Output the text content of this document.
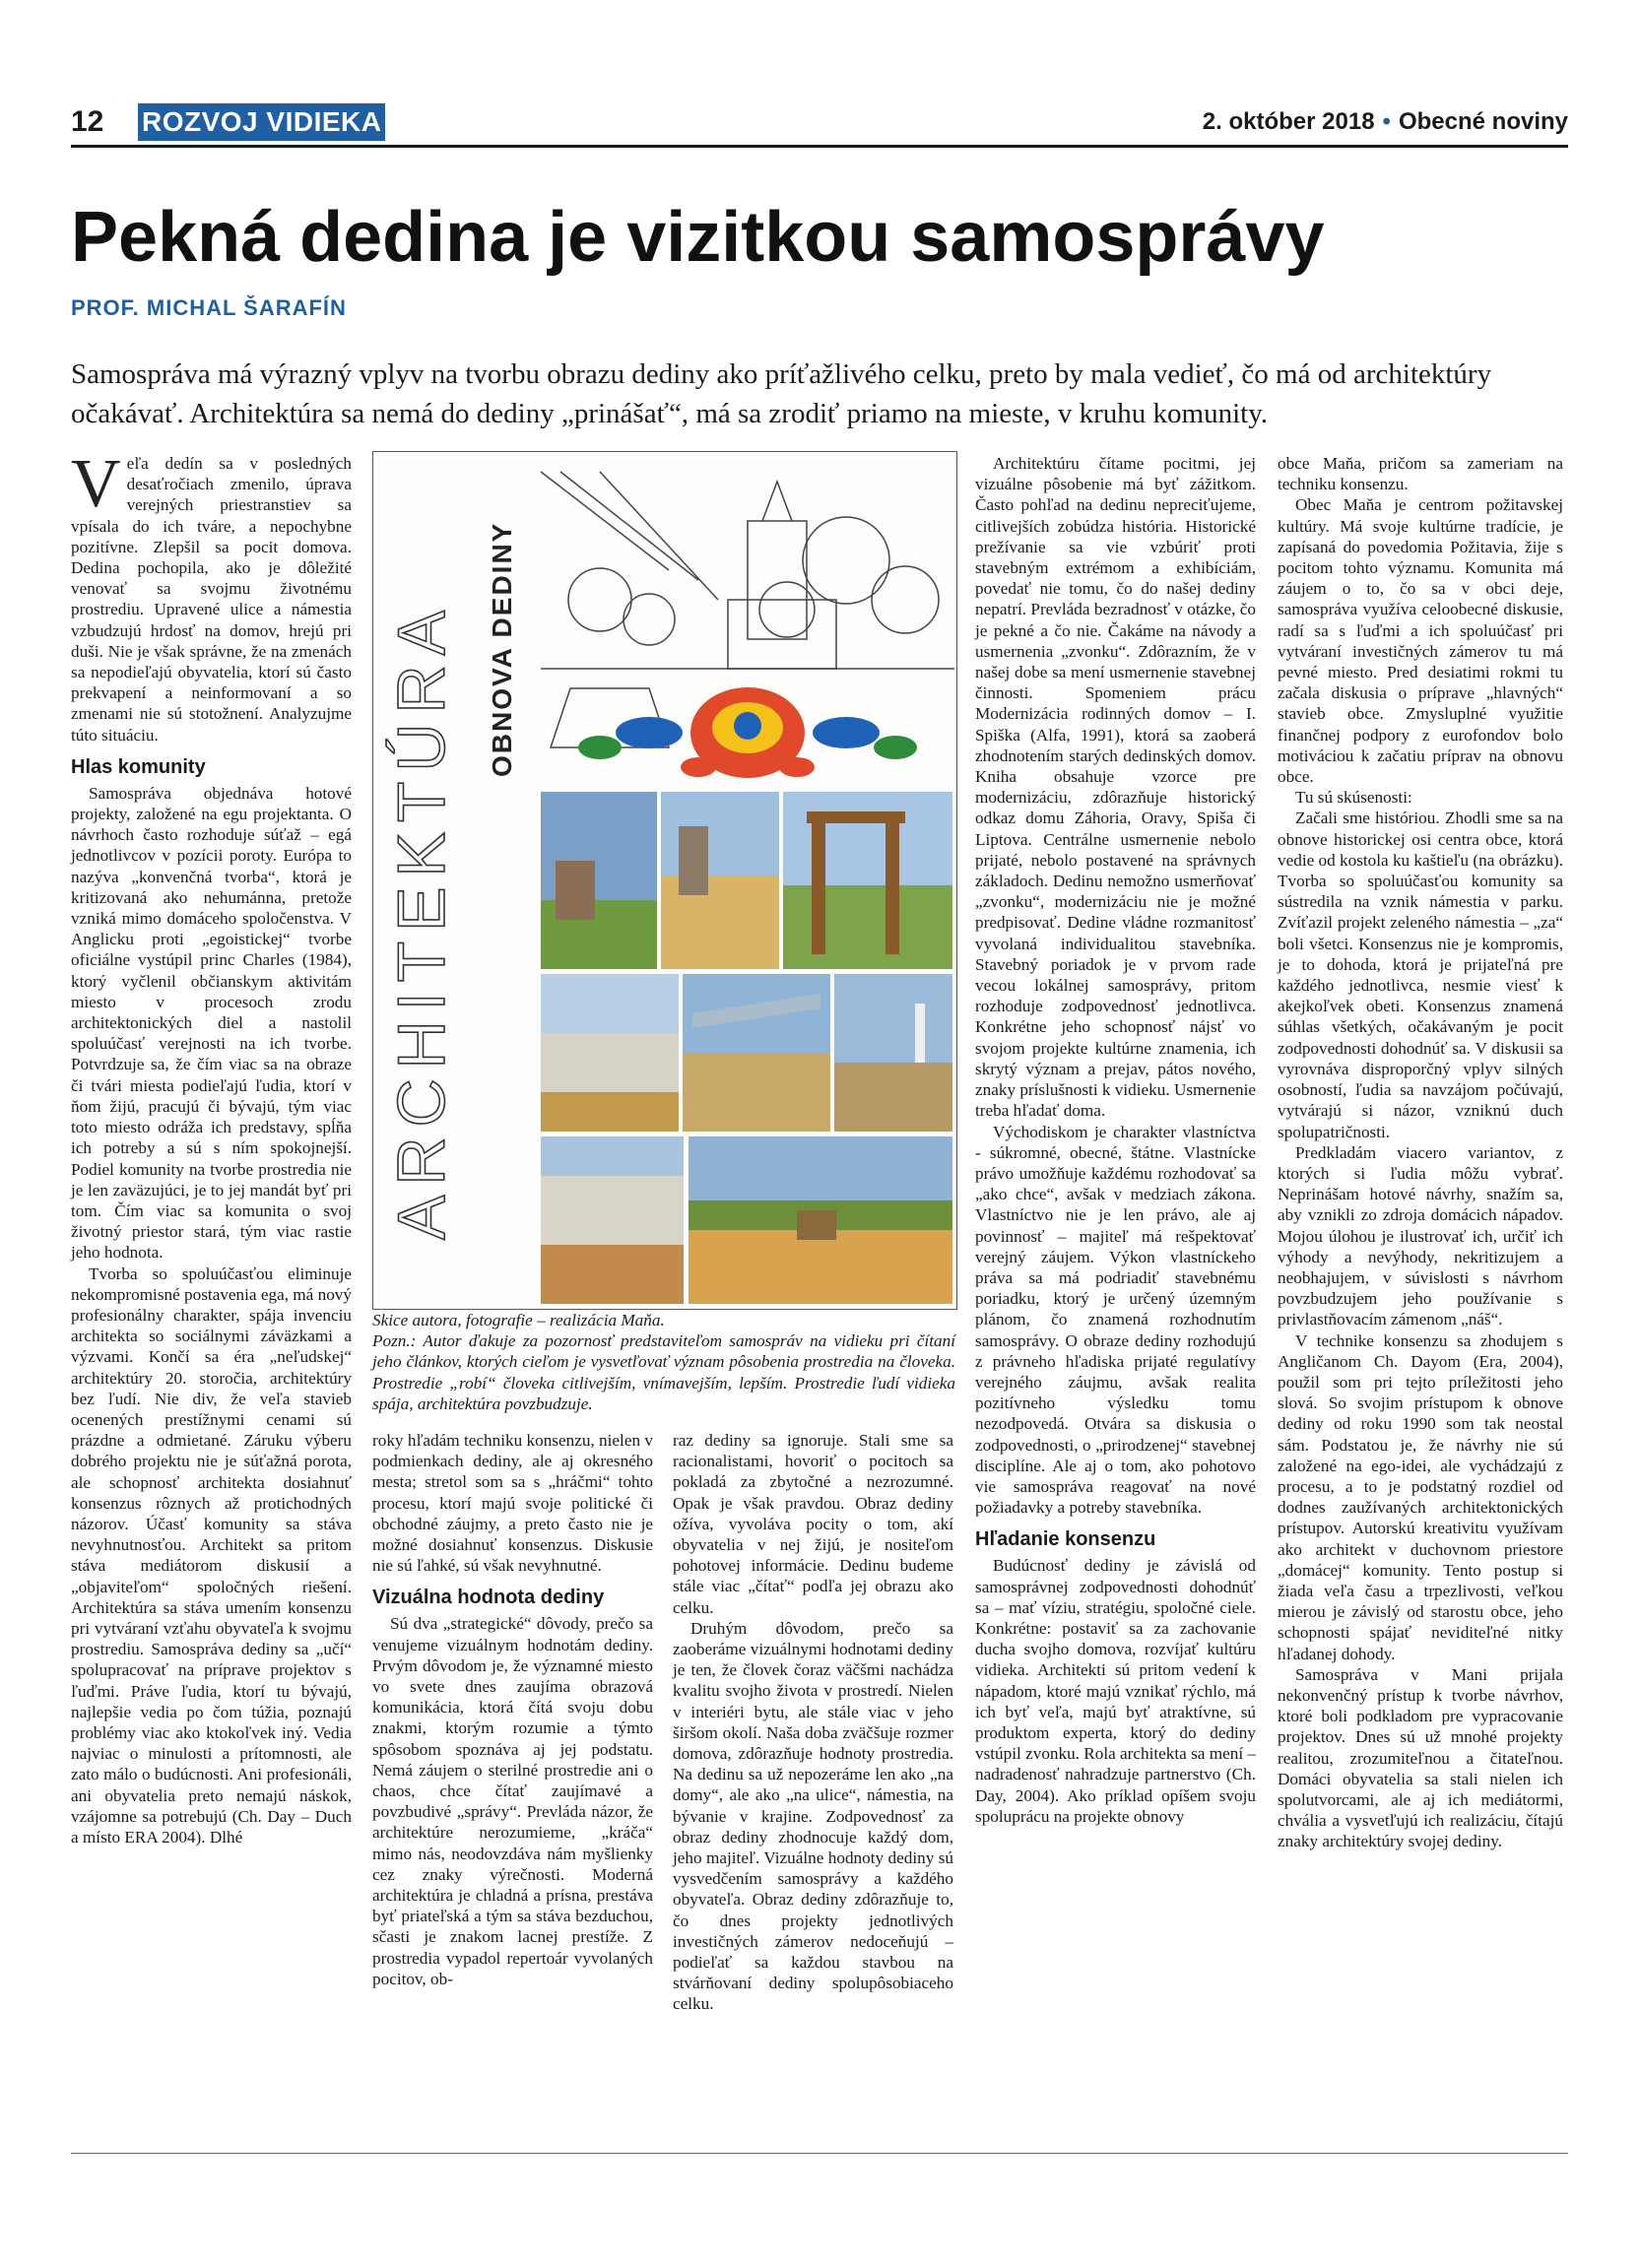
12 ROZVOJ VIDIEKA	2. október 2018 • Obecné noviny
Pekná dedina je vizitkou samosprávy
PROF. MICHAL ŠARAFÍN

Samospráva má výrazný vplyv na tvorbu obrazu dediny ako príťažlivého celku, preto by mala vedieť, čo má od architektúry očakávať. Architektúra sa nemá do dediny „prinášať“, má sa zrodiť priamo na mieste, v kruhu komunity.

Veľa dedín sa v posledných desaťročiach zmenilo, úprava verejných priestranstiev sa vpísala do ich tváre, a nepochybne pozitívne. Zlepšil sa pocit domova. Dedina pochopila, ako je dôležité venovať sa svojmu životnému prostrediu. Upravené ulice a námestia vzbudzujú hrdosť na domov, hrejú pri duši. Nie je však správne, že na zmenách sa nepodieľajú obyvatelia, ktorí sú často prekvapení a neinformovaní a so zmenami nie sú stotožnení. Analyzujme túto situáciu.

Hlas komunity

Samospráva objednáva hotové projekty, založené na egu projektanta. O návrhoch často rozhoduje súťaž – egá jednotlivcov v pozícii poroty. Európa to nazýva „konvenčná tvorba“, ktorá je kritizovaná ako nehumánna, pretože vzniká mimo domáceho spoločenstva. V Anglicku proti „egoistickej“ tvorbe oficiálne vystúpil princ Charles (1984), ktorý vyčlenil občianskym aktivitám miesto v procesoch zrodu architektonických diel a nastolil spoluúčasť verejnosti na ich tvorbe. Potvrdzuje sa, že čím viac sa na obraze či tvári miesta podieľajú ľudia, ktorí v ňom žijú, pracujú či bývajú, tým viac toto miesto odráža ich predstavy, spĺňa ich potreby a sú s ním spokojnejší. Podiel komunity na tvorbe prostredia nie je len zaväzujúci, je to jej mandát byť pri tom. Čím viac sa komunita o svoj životný priestor stará, tým viac rastie jeho hodnota.

Tvorba so spoluúčasťou eliminuje nekompromisné postavenia ega, má nový profesionálny charakter, spája invenciu architekta so sociálnymi záväzkami a výzvami. Končí sa éra „neľudskej“ architektúry 20. storočia, architektúry bez ľudí. Nie div, že veľa stavieb ocenených prestížnymi cenami sú prázdne a odmietané. Záruku výberu dobrého projektu nie je súťažná porota, ale schopnosť architekta dosiahnuť konsenzus rôznych až protichodných názorov. Účasť komunity sa stáva nevyhnutnosťou. Architekt sa pritom stáva mediátorom diskusií a „objaviteľom“ spoločných riešení. Architektúra sa stáva umením konsenzu pri vytváraní vzťahu obyvateľa k svojmu prostrediu. Samospráva dediny sa „učí“ spolupracovať na príprave projektov s ľuďmi. Práve ľudia, ktorí tu bývajú, najlepšie vedia po čom túžia, poznajú problémy viac ako ktokoľvek iný. Vedia najviac o minulosti a prítomnosti, ale zato málo o budúcnosti. Ani profesionáli, ani obyvatelia preto nemajú náskok, vzájomne sa potrebujú (Ch. Day – Duch a místo ERA 2004). Dlhé

ARCHITEKTÚRA OBNOVA DEDINY
Skice autora, fotografie – realizácia Maňa.
Pozn.: Autor ďakuje za pozornosť predstaviteľom samospráv na vidieku pri čítaní jeho článkov, ktorých cieľom je vysvetľovať význam pôsobenia prostredia na človeka. Prostredie „robí“ človeka citlivejším, vnímavejším, lepším. Prostredie ľudí vidieka spája, architektúra povzbudzuje.

roky hľadám techniku konsenzu, nielen v podmienkach dediny, ale aj okresného mesta; stretol som sa s „hráčmi“ tohto procesu, ktorí majú svoje politické či obchodné záujmy, a preto často nie je možné dosiahnuť konsenzus. Diskusie nie sú ľahké, sú však nevyhnutné.

Vizuálna hodnota dediny

Sú dva „strategické“ dôvody, prečo sa venujeme vizuálnym hodnotám dediny. Prvým dôvodom je, že významné miesto vo svete dnes zaujíma obrazová komunikácia, ktorá čítá svoju dobu znakmi, ktorým rozumie a týmto spôsobom spoznáva aj jej podstatu. Nemá záujem o sterilné prostredie ani o chaos, chce čítať zaujímavé a povzbudivé „správy“. Prevláda názor, že architektúre nerozumieme, „kráča“ mimo nás, neodovzdáva nám myšlienky cez znaky výrečnosti. Moderná architektúra je chladná a prísna, prestáva byť priateľská a tým sa stáva bezduchou, sčasti je znakom lacnej prestíže. Z prostredia vypadol repertoár vyvolaných pocitov, ob-

raz dediny sa ignoruje. Stali sme sa racionalistami, hovoriť o pocitoch sa pokladá za zbytočné a nezrozumné. Opak je však pravdou. Obraz dediny ožíva, vyvoláva pocity o tom, akí obyvatelia v nej žijú, je nositeľom pohotovej informácie. Dedinu budeme stále viac „čítať“ podľa jej obrazu ako celku.

Druhým dôvodom, prečo sa zaoberáme vizuálnymi hodnotami dediny je ten, že človek čoraz väčšmi nachádza kvalitu svojho života v prostredí. Nielen v interiéri bytu, ale stále viac v jeho širšom okolí. Naša doba zväčšuje rozmer domova, zdôrazňuje hodnoty prostredia. Na dedinu sa už nepozeráme len ako „na domy“, ale ako „na ulice“, námestia, na bývanie v krajine. Zodpovednosť za obraz dediny zhodnocuje každý dom, jeho majiteľ. Vizuálne hodnoty dediny sú vysvedčením samosprávy a každého obyvateľa. Obraz dediny zdôrazňuje to, čo dnes projekty jednotlivých investičných zámerov nedoceňujú – podieľať sa každou stavbou na stvárňovaní dediny spolupôsobiaceho celku.

Architektúru čítame pocitmi, jej vizuálne pôsobenie má byť zážitkom. Často pohľad na dedinu nepreciťujeme, citlivejších zobúdza história. Historické prežívanie sa vie vzbúriť proti stavebným extrémom a exhibíciám, povedať nie tomu, čo do našej dediny nepatrí. Prevláda bezradnosť v otázke, čo je pekné a čo nie. Čakáme na návody a usmernenia „zvonku“. Zdôrazním, že v našej dobe sa mení usmernenie stavebnej činnosti. Spomeniem prácu Modernizácia rodinných domov – I. Spiška (Alfa, 1991), ktorá sa zaoberá zhodnotením starých dedinských domov. Kniha obsahuje vzorce pre modernizáciu, zdôrazňuje historický odkaz domu Záhoria, Oravy, Spiša či Liptova. Centrálne usmernenie nebolo prijaté, nebolo postavené na správnych základoch. Dedinu nemožno usmerňovať „zvonku“, modernizáciu nie je možné predpisovať. Dedine vládne rozmanitosť vyvolaná individualitou stavebníka. Stavebný poriadok je v prvom rade vecou lokálnej samosprávy, pritom rozhoduje zodpovednosť jednotlivca. Konkrétne jeho schopnosť nájsť vo svojom projekte kultúrne znamenia, ich skrytý význam a prejav, pátos nového, znaky príslušnosti k vidieku. Usmernenie treba hľadať doma.

Východiskom je charakter vlastníctva - súkromné, obecné, štátne. Vlastnícke právo umožňuje každému rozhodovať sa „ako chce“, avšak v medziach zákona. Vlastníctvo nie je len právo, ale aj povinnosť – majiteľ má rešpektovať verejný záujem. Výkon vlastníckeho práva sa má podriadiť stavebnému poriadku, ktorý je určený územným plánom, čo znamená rozhodnutím samosprávy. O obraze dediny rozhodujú z právneho hľadiska prijaté regulatívy verejného záujmu, avšak realita pozitívneho výsledku tomu nezodpovedá. Otvára sa diskusia o zodpovednosti, o „prirodzenej“ stavebnej disciplíne. Ale aj o tom, ako pohotovo vie samospráva reagovať na nové požiadavky a potreby stavebníka.

Hľadanie konsenzu

Budúcnosť dediny je závislá od samosprávnej zodpovednosti dohodnúť sa – mať víziu, stratégiu, spoločné ciele. Konkrétne: postaviť sa za zachovanie ducha svojho domova, rozvíjať kultúru vidieka. Architekti sú pritom vedení k nápadom, ktoré majú vznikať rýchlo, má ich byť veľa, majú byť atraktívne, sú produktom experta, ktorý do dediny vstúpil zvonku. Rola architekta sa mení – nadradenosť nahradzuje partnerstvo (Ch. Day, 2004). Ako príklad opíšem svoju spoluprácu na projekte obnovy

obce Maňa, pričom sa zameriam na techniku konsenzu.

Obec Maňa je centrom požitavskej kultúry. Má svoje kultúrne tradície, je zapísaná do povedomia Požitavia, žije s pocitom tohto významu. Komunita má záujem o to, čo sa v obci deje, samospráva využíva celoobecné diskusie, radí sa s ľuďmi a ich spoluúčasť pri vytváraní investičných zámerov tu má pevné miesto. Pred desiatimi rokmi tu začala diskusia o príprave „hlavných“ stavieb obce. Zmysluplné využitie finančnej podpory z eurofondov bolo motiváciou k začatiu príprav na obnovu obce.

Tu sú skúsenosti:

Začali sme históriou. Zhodli sme sa na obnove historickej osi centra obce, ktorá vedie od kostola ku kaštieľu (na obrázku). Tvorba so spoluúčasťou komunity sa sústredila na vznik námestia v parku. Zvíťazil projekt zeleného námestia – „za“ boli všetci. Konsenzus nie je kompromis, je to dohoda, ktorá je prijateľná pre každého jednotlivca, nesmie viesť k akejkoľvek obeti. Konsenzus znamená súhlas všetkých, očakávaným je pocit zodpovednosti dohodnúť sa. V diskusii sa vyrovnáva disproporčný vplyv silných osobností, ľudia sa navzájom počúvajú, vytvárajú si názor, vzniknú duch spolupatričnosti.

Predkladám viacero variantov, z ktorých si ľudia môžu vybrať. Neprinášam hotové návrhy, snažím sa, aby vznikli zo zdroja domácich nápadov. Mojou úlohou je ilustrovať ich, určiť ich výhody a nevýhody, nekritizujem a neobhajujem, v súvislosti s návrhom povzbudzujem jeho používanie s privlastňovacím zámenom „náš“.

V technike konsenzu sa zhodujem s Angličanom Ch. Dayom (Era, 2004), použil som pri tejto príležitosti jeho slová. So svojim prístupom k obnove dediny od roku 1990 som tak neostal sám. Podstatou je, že návrhy nie sú založené na ego-idei, ale vychádzajú z procesu, a to je podstatný rozdiel od dodnes zaužívaných architektonických prístupov. Autorskú kreativitu využívam ako architekt v duchovnom priestore „domácej“ komunity. Tento postup si žiada veľa času a trpezlivosti, veľkou mierou je závislý od starostu obce, jeho schopnosti spájať neviditeľné nitky hľadanej dohody.

Samospráva v Mani prijala nekonvenčný prístup k tvorbe návrhov, ktoré boli podkladom pre vypracovanie projektov. Dnes sú už mnohé projekty realitou, zrozumiteľnou a čitateľnou. Domáci obyvatelia sa stali nielen ich spolutvorcami, ale aj ich mediátormi, chvália a vysvetľujú ich realizáciu, čítajú znaky architektúry svojej dediny.
